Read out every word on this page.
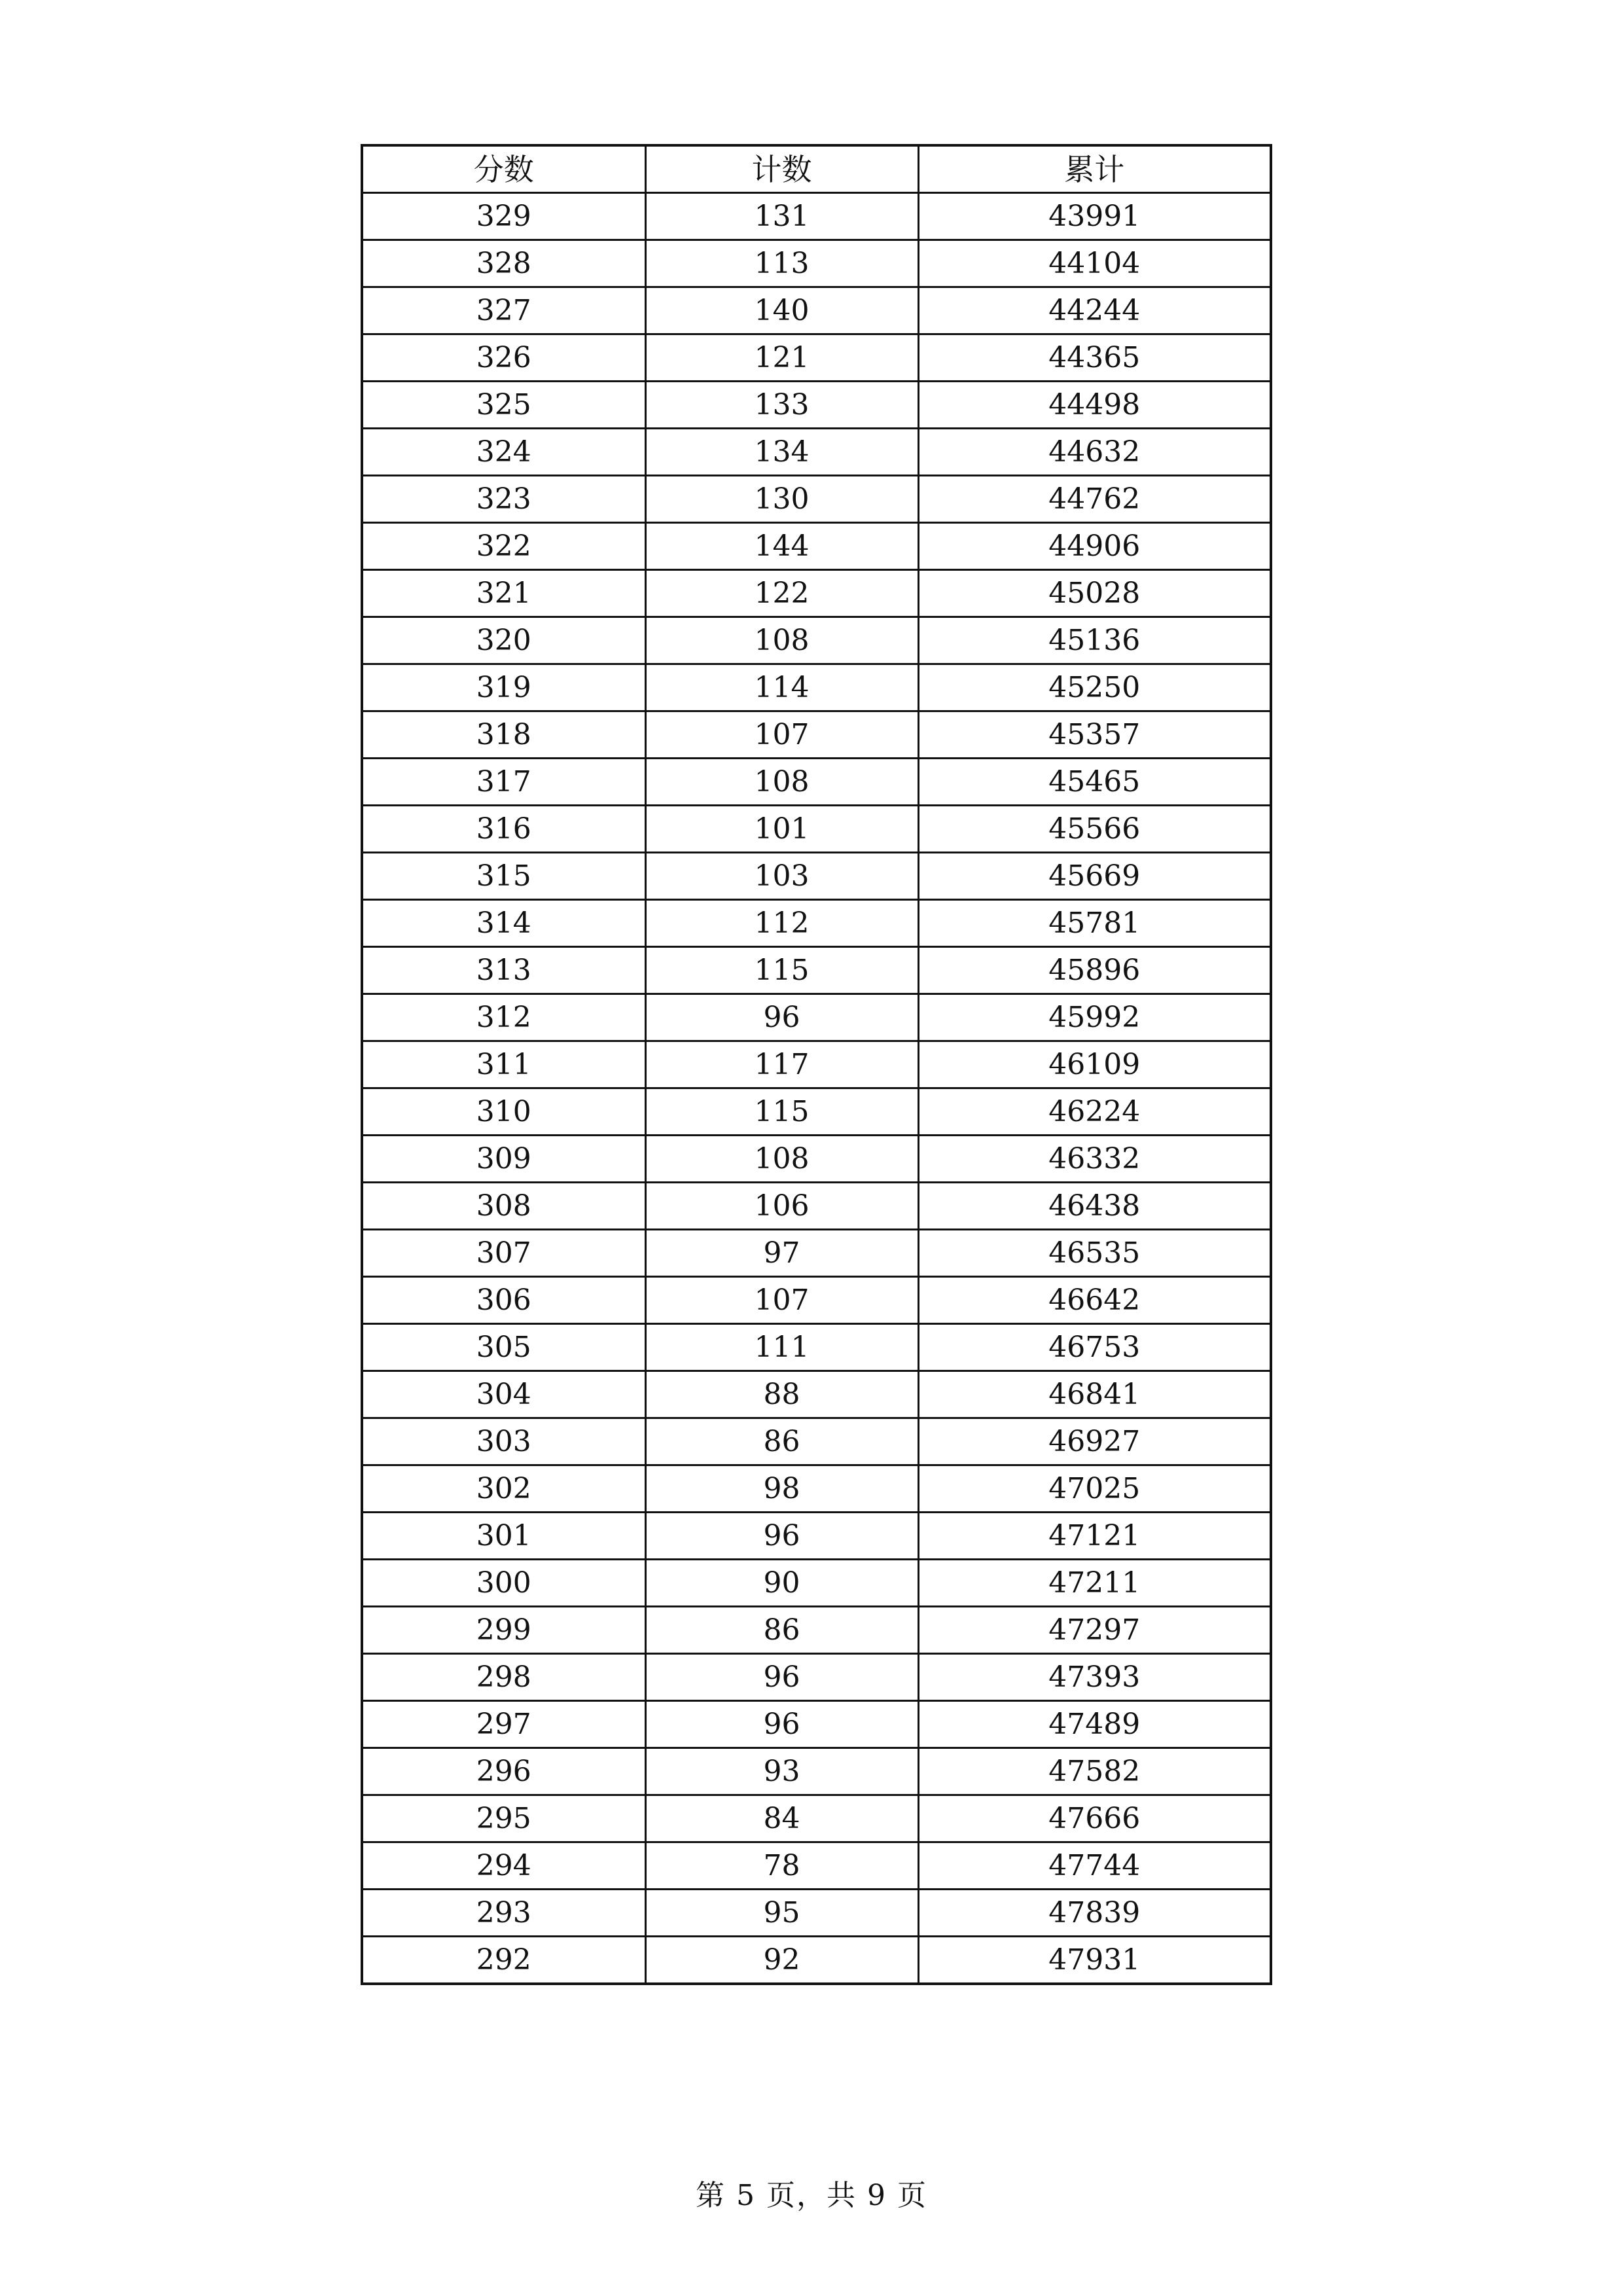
分数	计数	累计
329	131	43991
328	113	44104
327	140	44244
326	121	44365
325	133	44498
324	134	44632
323	130	44762
322	144	44906
321	122	45028
320	108	45136
319	114	45250
318	107	45357
317	108	45465
316	101	45566
315	103	45669
314	112	45781
313	115	45896
312	96	45992
311	117	46109
310	115	46224
309	108	46332
308	106	46438
307	97	46535
306	107	46642
305	111	46753
304	88	46841
303	86	46927
302	98	47025
301	96	47121
300	90	47211
299	86	47297
298	96	47393
297	96	47489
296	93	47582
295	84	47666
294	78	47744
293	95	47839
292	92	47931
第 5 页，共 9 页
